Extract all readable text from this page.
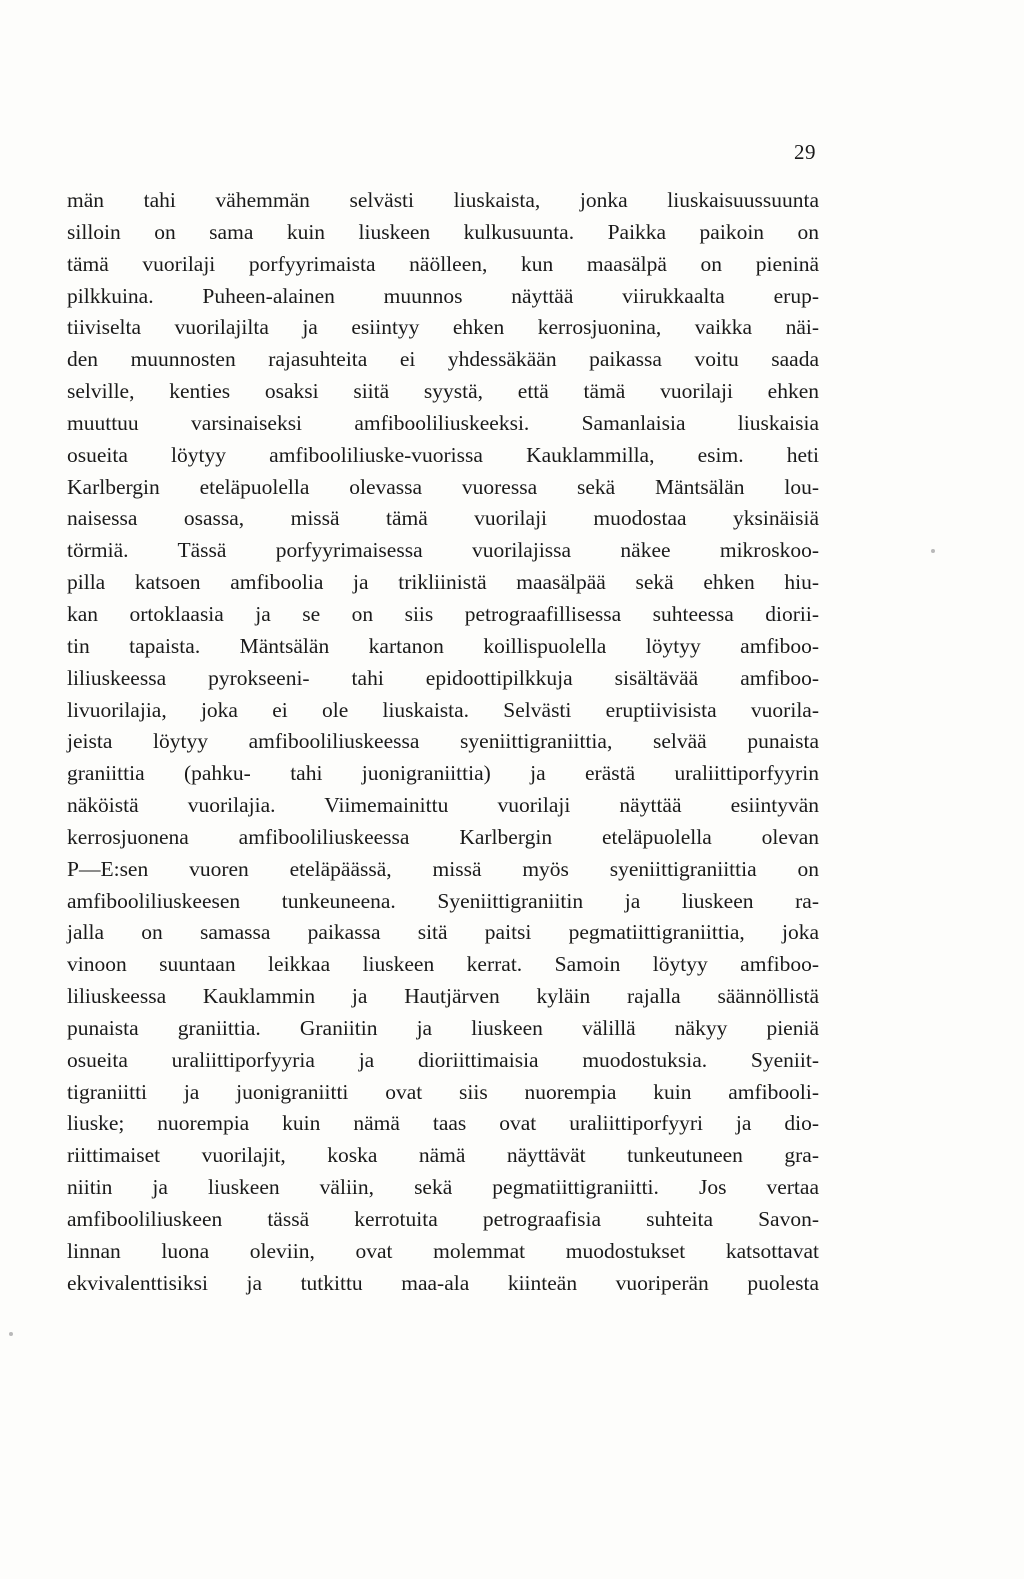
29
män tahi vähemmän selvästi liuskaista, jonka liuskaisuussuunta
silloin on sama kuin liuskeen kulkusuunta. Paikka paikoin on
tämä vuorilaji porfyyrimaista näölleen, kun maasälpä on pieninä
pilkkuina. Puheen-alainen muunnos näyttää viirukkaalta erup-
tiiviselta vuorilajilta ja esiintyy ehken kerrosjuonina, vaikka näi-
den muunnosten rajasuhteita ei yhdessäkään paikassa voitu saada
selville, kenties osaksi siitä syystä, että tämä vuorilaji ehken
muuttuu varsinaiseksi amfibooliliuskeeksi. Samanlaisia liuskaisia
osueita löytyy amfibooliliuske-vuorissa Kauklammilla, esim. heti
Karlbergin eteläpuolella olevassa vuoressa sekä Mäntsälän lou-
naisessa osassa, missä tämä vuorilaji muodostaa yksinäisiä
törmiä. Tässä porfyyrimaisessa vuorilajissa näkee mikroskoo-
pilla katsoen amfiboolia ja trikliinistä maasälpää sekä ehken hiu-
kan ortoklaasia ja se on siis petrograafillisessa suhteessa diorii-
tin tapaista. Mäntsälän kartanon koillispuolella löytyy amfiboo-
liliuskeessa pyrokseeni- tahi epidoottipilkkuja sisältävää amfiboo-
livuorilajia, joka ei ole liuskaista. Selvästi eruptiivisista vuorila-
jeista löytyy amfibooliliuskeessa syeniittigraniittia, selvää punaista
graniittia (pahku- tahi juonigraniittia) ja erästä uraliittiporfyyrin
näköistä vuorilajia. Viimemainittu vuorilaji näyttää esiintyvän
kerrosjuonena amfibooliliuskeessa Karlbergin eteläpuolella olevan
P—E:sen vuoren eteläpäässä, missä myös syeniittigraniittia on
amfibooliliuskeesen tunkeuneena. Syeniittigraniitin ja liuskeen ra-
jalla on samassa paikassa sitä paitsi pegmatiittigraniittia, joka
vinoon suuntaan leikkaa liuskeen kerrat. Samoin löytyy amfiboo-
liliuskeessa Kauklammin ja Hautjärven kyläin rajalla säännöllistä
punaista graniittia. Graniitin ja liuskeen välillä näkyy pieniä
osueita uraliittiporfyyria ja dioriittimaisia muodostuksia. Syeniit-
tigraniitti ja juonigraniitti ovat siis nuorempia kuin amfibooli-
liuske; nuorempia kuin nämä taas ovat uraliittiporfyyri ja dio-
riittimaiset vuorilajit, koska nämä näyttävät tunkeutuneen gra-
niitin ja liuskeen väliin, sekä pegmatiittigraniitti. Jos vertaa
amfibooliliuskeen tässä kerrotuita petrograafisia suhteita Savon-
linnan luona oleviin, ovat molemmat muodostukset katsottavat
ekvivalenttisiksi ja tutkittu maa-ala kiinteän vuoriperän puolesta
